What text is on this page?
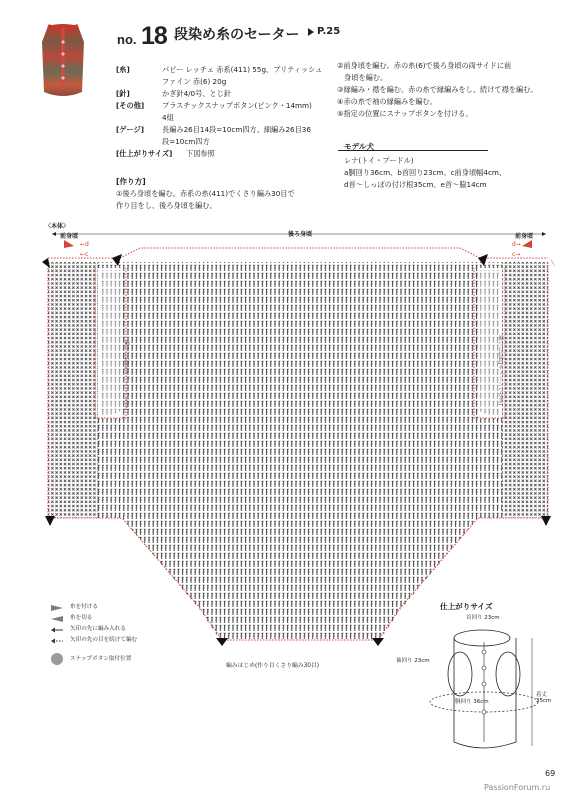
no. 18 段染め糸のセーター P.25
[糸]	パピー レッチェ 赤系(411) 55g、ブリティッシュ
ファイン 赤(6) 20g
[針]	かぎ針4/0号、とじ針
[その他]	プラスチックスナップボタン(ピンク・14mm)
4組
[ゲージ]	長編み26目14段=10cm四方、細編み26目36
段=10cm四方
[仕上がりサイズ]	下図参照
[作り方]
①後ろ身頃を編む。赤系の糸(411)でくさり編み30目で
作り目をし、後ろ身頃を編む。
②前身頃を編む。赤の糸(6)で後ろ身頃の両サイドに前
身頃を編む。
③縁編み・襟を編む。赤の糸で縁編みをし、続けて襟を編む。
④赤の糸で袖の縁編みを編む。
⑤指定の位置にスナップボタンを付ける。
モデル犬
レナ(トイ・プードル)
a胴回り36cm、b首回り23cm、c前身頃幅4cm、
d首～しっぽの付け根35cm、e首～脇14cm
〈本体〉
前身頃	後ろ身頃	前身頃
←d
←c
d→
c→
袖つけ位置(チェーンつなぎ)	袖つけ位置(チェーンつなぎ)
編みはじめ(作り目くさり編み30目)
糸を付ける
糸を切る
矢印の先に編み入れる
矢印の先の目を続けて編む
スナップボタン取付位置
仕上がりサイズ
首回り 23cm
袖回り 23cm
胴回り 36cm
着丈
35cm
69
PassionForum.ru
